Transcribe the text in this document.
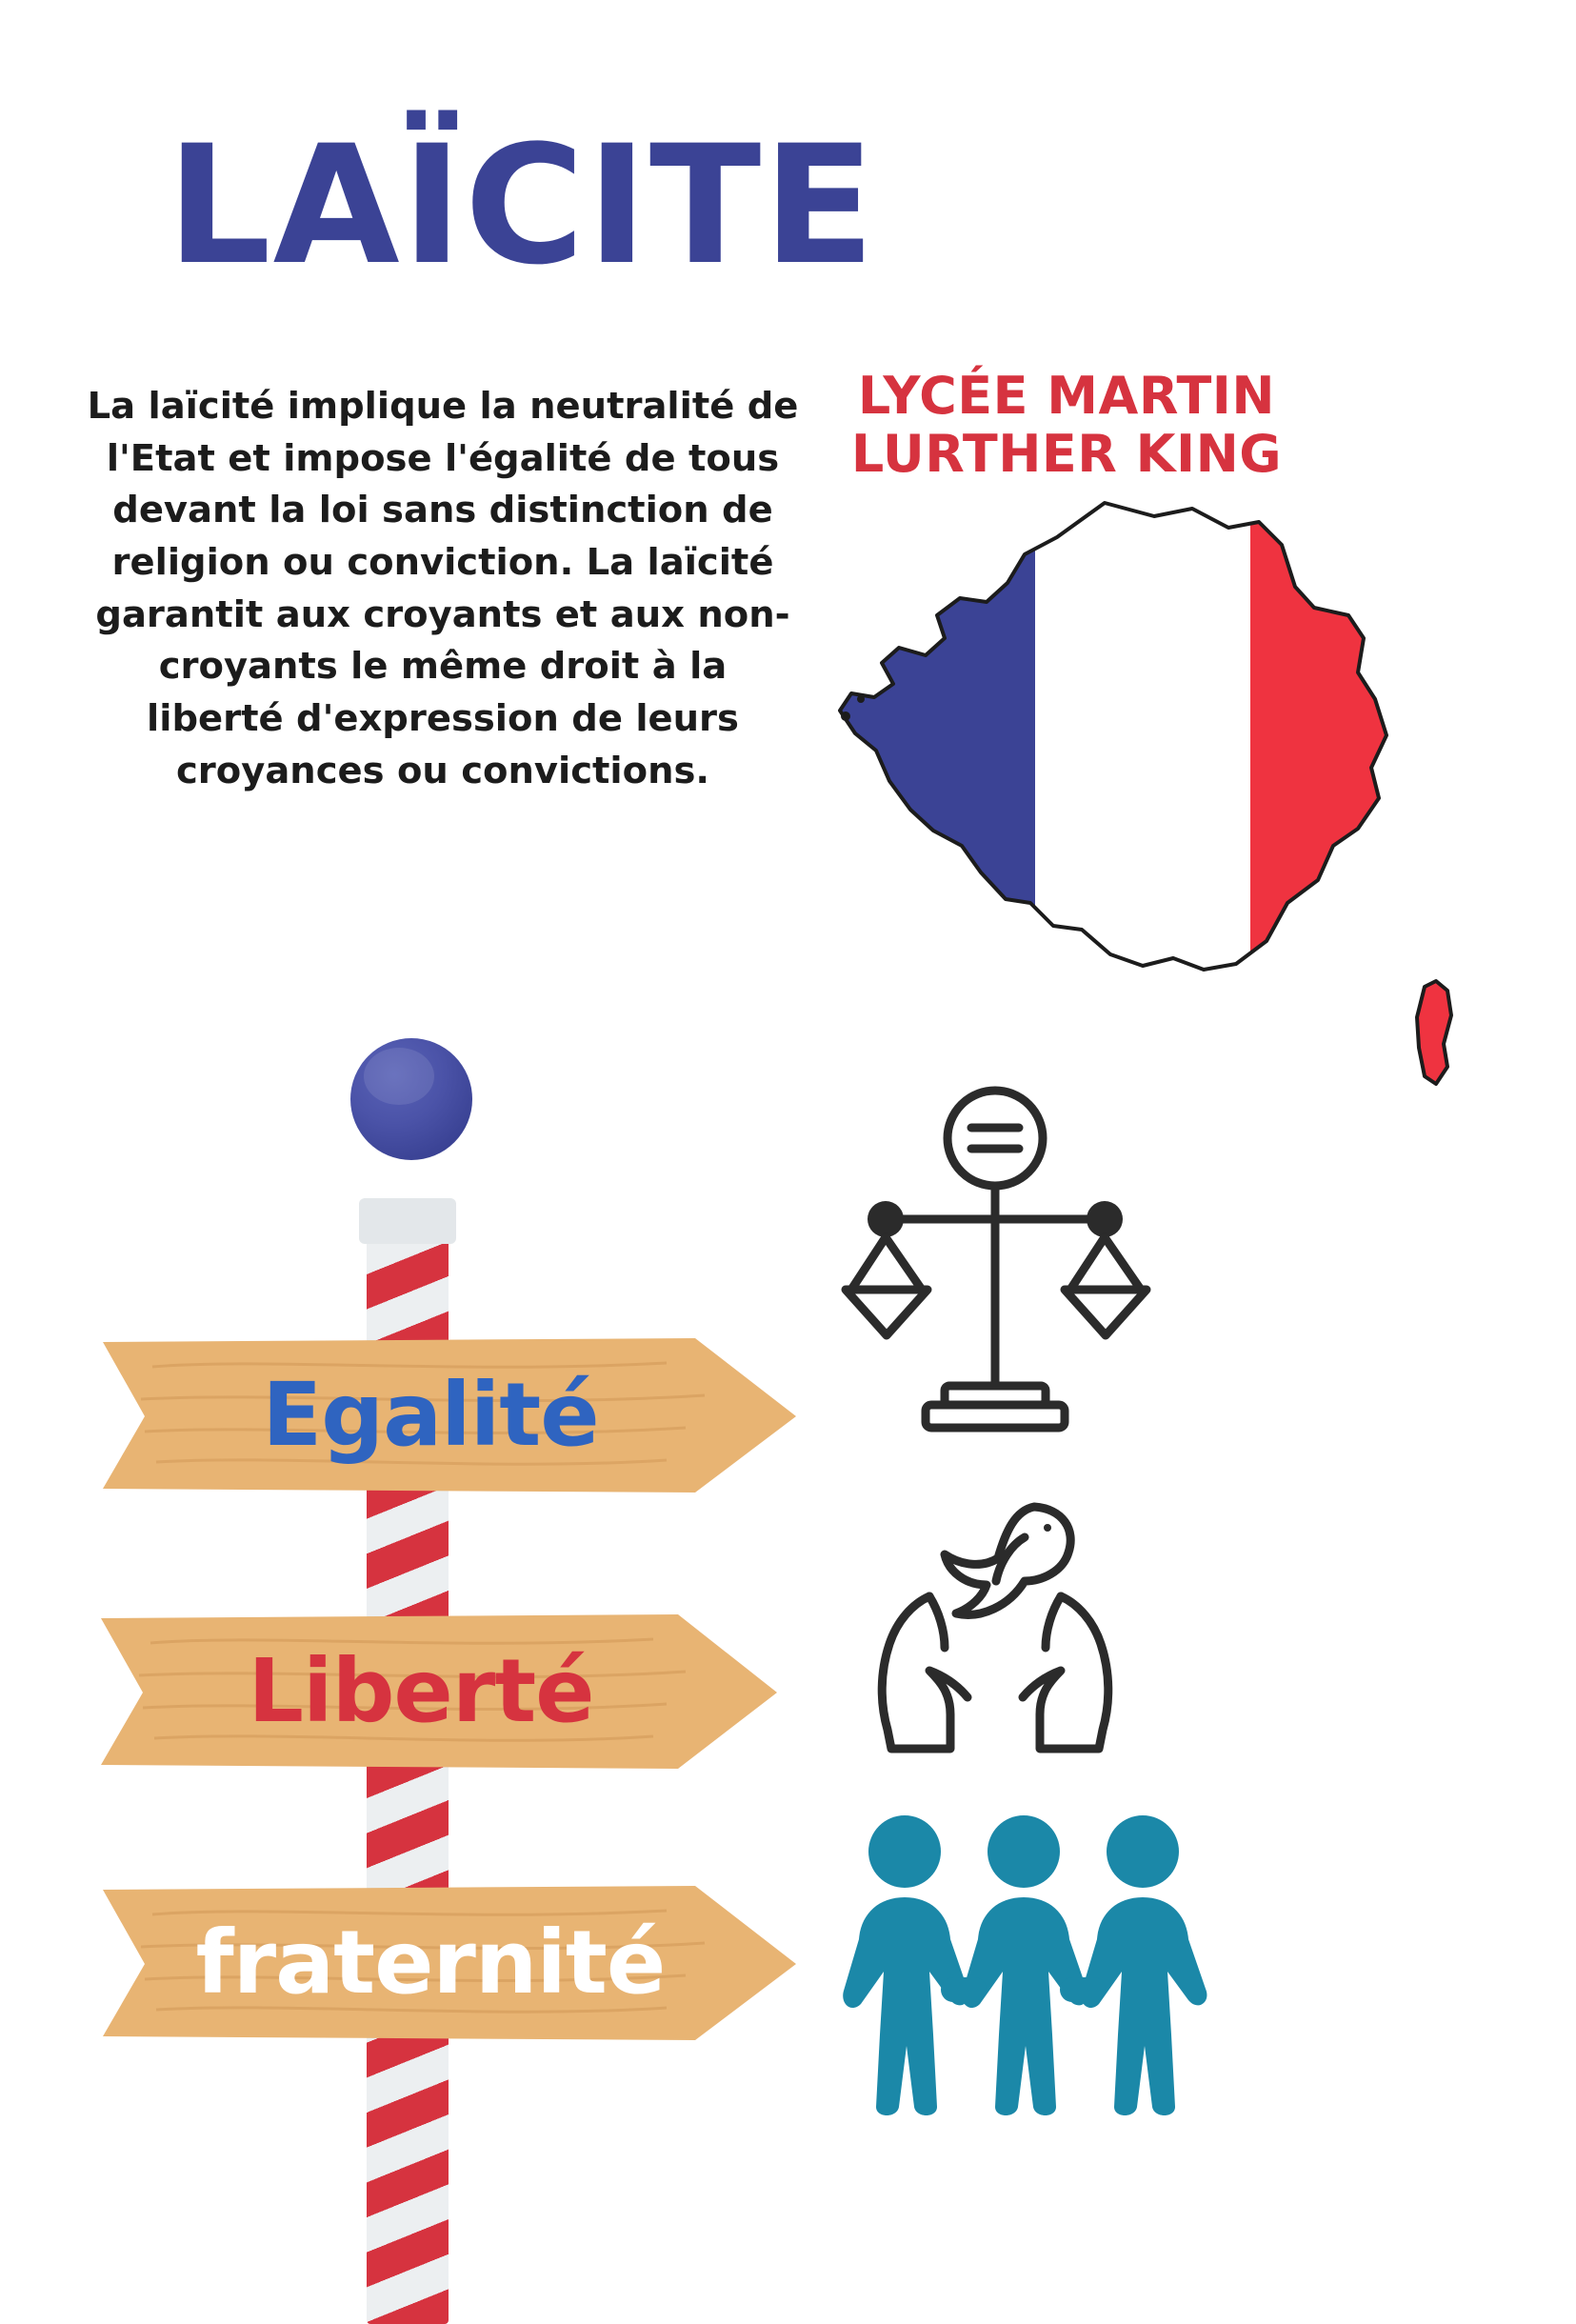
LAÏCITE
La laïcité implique la neutralité de l'Etat et impose l'égalité de tous devant la loi sans distinction de religion ou conviction. La laïcité garantit aux croyants et aux non-croyants le même droit à la liberté d'expression de leurs croyances ou convictions.
LYCÉE MARTIN LURTHER KING
Egalité
Liberté
fraternité
